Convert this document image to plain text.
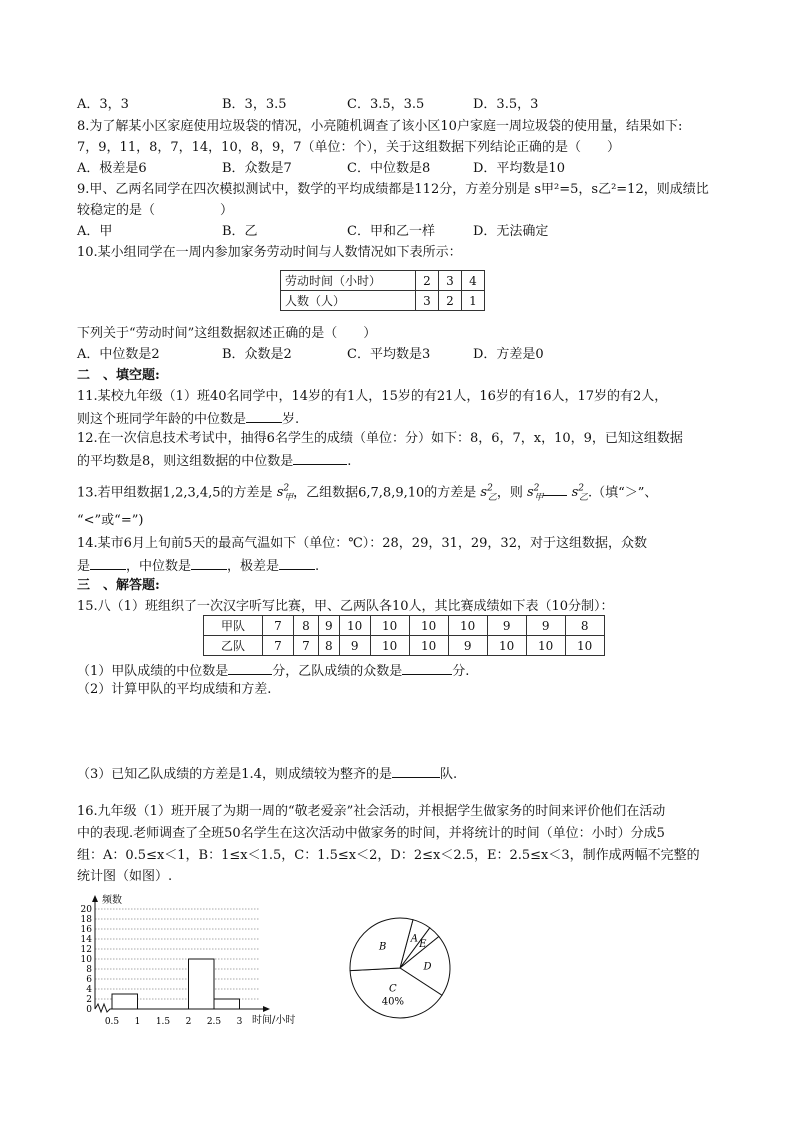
A．3，3	B．3，3.5	C．3.5，3.5	D．3.5，3
8.为了解某小区家庭使用垃圾袋的情况，小亮随机调查了该小区10户家庭一周垃圾袋的使用量，结果如下:
7，9，11，8，7，14，10，8，9，7（单位：个），关于这组数据下列结论正确的是（　　）
A．极差是6	B．众数是7	C．中位数是8	D．平均数是10
9.甲、乙两名同学在四次模拟测试中，数学的平均成绩都是112分，方差分别是 s甲²=5，s乙²=12，则成绩比
较稳定的是（　　　　　）
A．甲	B．乙	C．甲和乙一样	D．无法确定
10.某小组同学在一周内参加家务劳动时间与人数情况如下表所示：
劳动时间（小时）	2	3	4
人数（人）	3	2	1
下列关于“劳动时间”这组数据叙述正确的是（　　）
A．中位数是2	B．众数是2	C．平均数是3	D．方差是0
二　、填空题:
11.某校九年级（1）班40名同学中，14岁的有1人，15岁的有21人，16岁的有16人，17岁的有2人，
则这个班同学年龄的中位数是	岁.
12.在一次信息技术考试中，抽得6名学生的成绩（单位：分）如下：8，6，7，x，10，9，已知这组数据
的平均数是8，则这组数据的中位数是	.
13.若甲组数据1,2,3,4,5的方差是 $s^2_甲$，乙组数据6,7,8,9,10的方差是 $s^2_乙$，则 $s^2_甲$ $s^2_乙$.（填“＞”、
“<”或“=”)
14.某市6月上旬前5天的最高气温如下（单位：℃）：28，29，31，29，32，对于这组数据，众数
是	，中位数是	，极差是	.
三　、解答题:
15.八（1）班组织了一次汉字听写比赛，甲、乙两队各10人，其比赛成绩如下表（10分制）：
甲队	7	8	9	10	10	10	10	9	9	8
乙队	7	7	8	9	10	10	9	10	10	10
（1）甲队成绩的中位数是	分，乙队成绩的众数是	分.
（2）计算甲队的平均成绩和方差.
（3）已知乙队成绩的方差是1.4，则成绩较为整齐的是	队.
16.九年级（1）班开展了为期一周的“敬老爱亲”社会活动，并根据学生做家务的时间来评价他们在活动
中的表现.老师调查了全班50名学生在这次活动中做家务的时间，并将统计的时间（单位：小时）分成5
组：A：0.5≤x＜1，B：1≤x＜1.5，C：1.5≤x＜2，D：2≤x＜2.5，E：2.5≤x＜3，制作成两幅不完整的
统计图（如图）.
0
2
4
6
8
10
12
14
16
18
20
0.5 1 1.5 2 2.5 3
频数
时间/小时
A
E
D
C
40%
B
